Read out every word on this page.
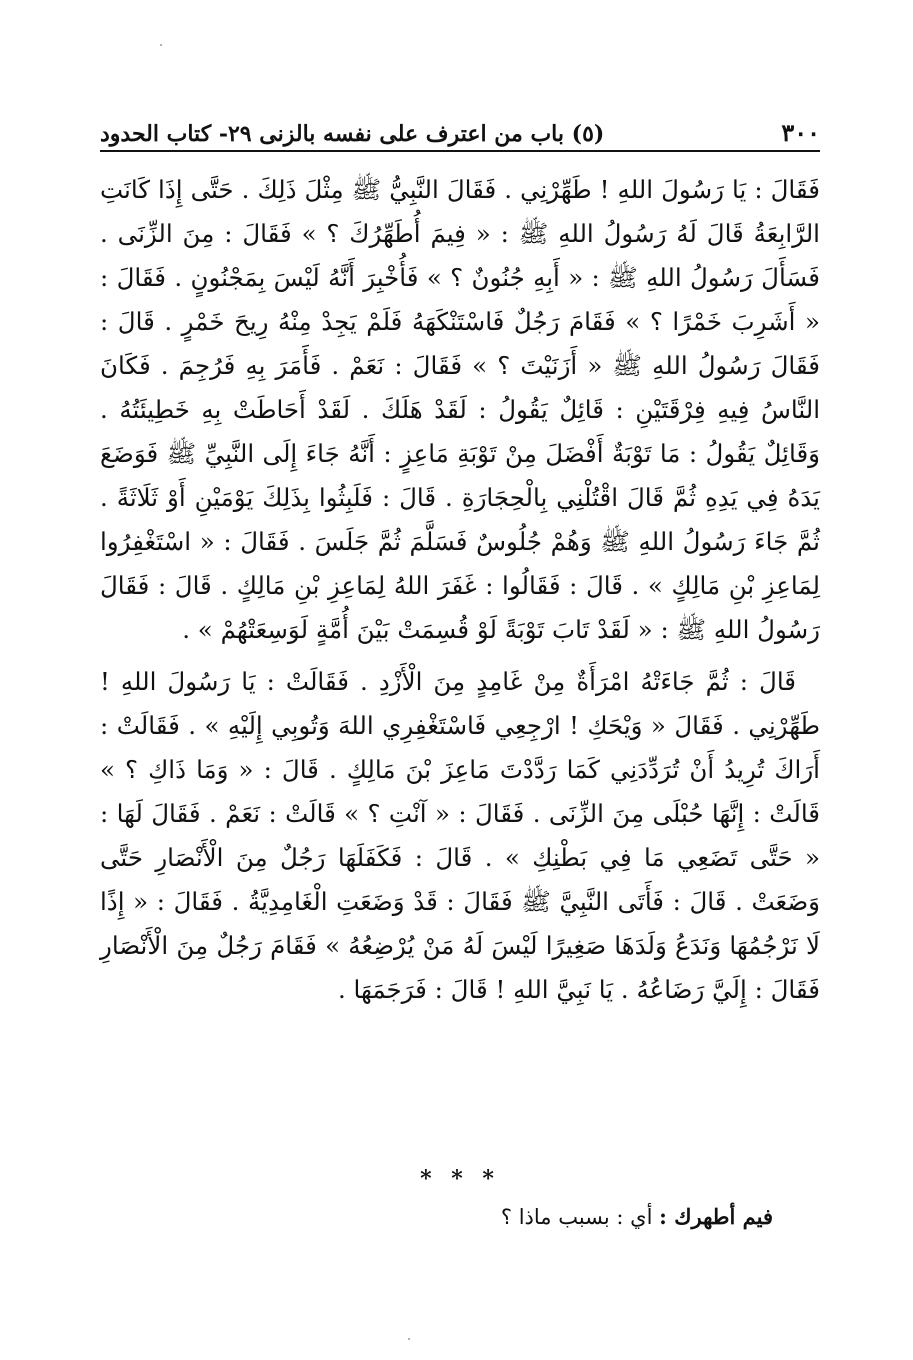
٣٠٠
(٥) باب من اعترف على نفسه بالزنى ٢٩- كتاب الحدود

فَقَالَ : يَا رَسُولَ اللهِ ! طَهِّرْنِي . فَقَالَ النَّبِيُّ ﷺ مِثْلَ ذَلِكَ . حَتَّى إِذَا كَانَتِ الرَّابِعَةُ قَالَ لَهُ رَسُولُ اللهِ ﷺ : « فِيمَ أُطَهِّرُكَ ؟ » فَقَالَ : مِنَ الزِّنَى . فَسَأَلَ رَسُولُ اللهِ ﷺ : « أَبِهِ جُنُونٌ ؟ » فَأُخْبِرَ أَنَّهُ لَيْسَ بِمَجْنُونٍ . فَقَالَ : « أَشَرِبَ خَمْرًا ؟ » فَقَامَ رَجُلٌ فَاسْتَنْكَهَهُ فَلَمْ يَجِدْ مِنْهُ رِيحَ خَمْرٍ . قَالَ : فَقَالَ رَسُولُ اللهِ ﷺ « أَزَنَيْتَ ؟ » فَقَالَ : نَعَمْ . فَأَمَرَ بِهِ فَرُجِمَ . فَكَانَ النَّاسُ فِيهِ فِرْقَتَيْنِ : قَائِلٌ يَقُولُ : لَقَدْ هَلَكَ . لَقَدْ أَحَاطَتْ بِهِ خَطِيئَتُهُ . وَقَائِلٌ يَقُولُ : مَا تَوْبَةٌ أَفْضَلَ مِنْ تَوْبَةِ مَاعِزٍ : أَنَّهُ جَاءَ إِلَى النَّبِيِّ ﷺ فَوَضَعَ يَدَهُ فِي يَدِهِ ثُمَّ قَالَ اقْتُلْنِي بِالْحِجَارَةِ . قَالَ : فَلَبِثُوا بِذَلِكَ يَوْمَيْنِ أَوْ ثَلَاثَةً . ثُمَّ جَاءَ رَسُولُ اللهِ ﷺ وَهُمْ جُلُوسٌ فَسَلَّمَ ثُمَّ جَلَسَ . فَقَالَ : « اسْتَغْفِرُوا لِمَاعِزِ بْنِ مَالِكٍ » . قَالَ : فَقَالُوا : غَفَرَ اللهُ لِمَاعِزِ بْنِ مَالِكٍ . قَالَ : فَقَالَ رَسُولُ اللهِ ﷺ : « لَقَدْ تَابَ تَوْبَةً لَوْ قُسِمَتْ بَيْنَ أُمَّةٍ لَوَسِعَتْهُمْ » .

قَالَ : ثُمَّ جَاءَتْهُ امْرَأَةٌ مِنْ غَامِدٍ مِنَ الْأَزْدِ . فَقَالَتْ : يَا رَسُولَ اللهِ ! طَهِّرْنِي . فَقَالَ « وَيْحَكِ ! ارْجِعِي فَاسْتَغْفِرِي اللهَ وَتُوبِي إِلَيْهِ » . فَقَالَتْ : أَرَاكَ تُرِيدُ أَنْ تُرَدِّدَنِي كَمَا رَدَّدْتَ مَاعِزَ بْنَ مَالِكٍ . قَالَ : « وَمَا ذَاكِ ؟ » قَالَتْ : إِنَّهَا حُبْلَى مِنَ الزِّنَى . فَقَالَ : « آنْتِ ؟ » قَالَتْ : نَعَمْ . فَقَالَ لَهَا : « حَتَّى تَضَعِي مَا فِي بَطْنِكِ » . قَالَ : فَكَفَلَهَا رَجُلٌ مِنَ الْأَنْصَارِ حَتَّى وَضَعَتْ . قَالَ : فَأَتَى النَّبِيَّ ﷺ فَقَالَ : قَدْ وَضَعَتِ الْغَامِدِيَّةُ . فَقَالَ : « إِذًا لَا نَرْجُمُهَا وَنَدَعُ وَلَدَهَا صَغِيرًا لَيْسَ لَهُ مَنْ يُرْضِعُهُ » فَقَامَ رَجُلٌ مِنَ الْأَنْصَارِ فَقَالَ : إِلَيَّ رَضَاعُهُ . يَا نَبِيَّ اللهِ ! قَالَ : فَرَجَمَهَا .

* * *
فيم أطهرك : أي : بسبب ماذا ؟
